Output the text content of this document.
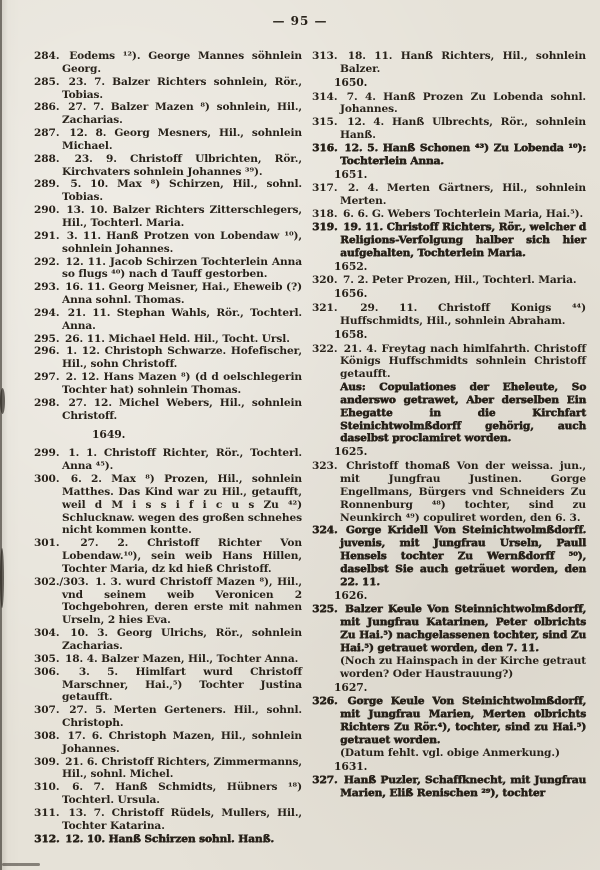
— 95 —
284. Eodems ¹²). George Mannes söhnlein Georg.
285. 23. 7. Balzer Richters sohnlein, Rör., Tobias.
286. 27. 7. Balzer Mazen ⁸) sohnlein, Hil., Zacharias.
287. 12. 8. Georg Mesners, Hil., sohnlein Michael.
288. 23. 9. Christoff Ulbrichten, Rör., Kirchvaters sohnlein Johannes ³⁹).
289. 5. 10. Max ⁸) Schirzen, Hil., sohnl. Tobias.
290. 13. 10. Balzer Richters Zitterschlegers, Hil., Tochterl. Maria.
291. 3. 11. Hanß Protzen von Lobendaw ¹⁰), sohnlein Johannes.
292. 12. 11. Jacob Schirzen Tochterlein Anna so flugs ⁴⁰) nach d Tauff gestorben.
293. 16. 11. Georg Meisner, Hai., Eheweib (?) Anna sohnl. Thomas.
294. 21. 11. Stephan Wahls, Rör., Tochterl. Anna.
295. 26. 11. Michael Held. Hil., Tocht. Ursl.
296. 1. 12. Christoph Schwarze. Hofefischer, Hil., sohn Christoff.
297. 2. 12. Hans Mazen ⁸) (d d oelschlegerin Tochter hat) sohnlein Thomas.
298. 27. 12. Michel Webers, Hil., sohnlein Christoff.
1649.
299. 1. 1. Christoff Richter, Rör., Tochterl. Anna ⁴⁵).
300. 6. 2. Max ⁸) Prozen, Hil., sohnlein Matthes. Das Kind war zu Hil., getaufft, weil d M i s s i f i c u s Zu ⁴²) Schlucknaw. wegen des großen schnehes nicht kommen kontte.
301. 27. 2. Christoff Richter Von Lobendaw.¹⁰), sein weib Hans Hillen, Tochter Maria, dz kd hieß Christoff.
302./303. 1. 3. wurd Christoff Mazen ⁸), Hil., vnd seinem weib Veronicen 2 Tochgebohren, deren erste mit nahmen Urseln, 2 hies Eva.
304. 10. 3. Georg Ulrichs, Rör., sohnlein Zacharias.
305. 18. 4. Balzer Mazen, Hil., Tochter Anna.
306. 3. 5. Himlfart wurd Christoff Marschner, Hai.,⁵) Tochter Justina getaufft.
307. 27. 5. Merten Gerteners. Hil., sohnl. Christoph.
308. 17. 6. Christoph Mazen, Hil., sohnlein Johannes.
309. 21. 6. Christoff Richters, Zimmermanns, Hil., sohnl. Michel.
310. 6. 7. Hanß Schmidts, Hübners ¹⁸) Tochterl. Ursula.
311. 13. 7. Christoff Rüdels, Mullers, Hil., Tochter Katarina.
312. 12. 10. Hanß Schirzen sohnl. Hanß.
313. 18. 11. Hanß Richters, Hil., sohnlein Balzer.
1650.
314. 7. 4. Hanß Prozen Zu Lobenda sohnl. Johannes.
315. 12. 4. Hanß Ulbrechts, Rör., sohnlein Hanß.
316. 12. 5. Hanß Schonen ⁴³) Zu Lobenda ¹⁰): Tochterlein Anna.
1651.
317. 2. 4. Merten Gärtners, Hil., sohnlein Merten.
318. 6. 6. G. Webers Tochterlein Maria, Hai.⁵).
319. 19. 11. Christoff Richters, Rör., welcher d Religions-Verfolgung halber sich hier aufgehalten, Tochterlein Maria.
1652.
320. 7. 2. Peter Prozen, Hil., Tochterl. Maria.
1656.
321. 29. 11. Christoff Konigs ⁴⁴) Huffschmidts, Hil., sohnlein Abraham.
1658.
322. 21. 4. Freytag nach himlfahrth. Christoff Königs Huffschmidts sohnlein Christoff getaufft.
Aus: Copulationes der Eheleute, So anderswo getrawet, Aber derselben Ein Ehegatte in die Kirchfart Steinichtwolmßdorff gehörig, auch daselbst proclamiret worden.
1625.
323. Christoff thomaß Von der weissa. jun., mit Jungfrau Justinen. Gorge Engellmans, Bürgers vnd Schneiders Zu Ronnenburg ⁴⁸) tochter, sind zu Neunkirch ⁴⁹) copuliret worden, den 6. 3.
324. Gorge Kridell Von Steinichtwolmßdorff. juvenis, mit Jungfrau Urseln, Paull Hensels tochter Zu Wernßdorff ⁵⁰), daselbst Sie auch geträuet worden, den 22. 11.
1626.
325. Balzer Keule Von Steinnichtwolmßdorff, mit Jungfrau Katarinen, Peter olbrichts Zu Hai.⁵) nachgelassenen tochter, sind Zu Hai.⁵) getrauet worden, den 7. 11.
(Noch zu Hainspach in der Kirche getraut worden? Oder Haustrauung?)
1627.
326. Gorge Keule Von Steinichtwolmßdorff, mit Jungfrau Marien, Merten olbrichts Richters Zu Rör.⁴), tochter, sind zu Hai.⁵) getrauet worden.
(Datum fehlt. vgl. obige Anmerkung.)
1631.
327. Hanß Puzler, Schaffknecht, mit Jungfrau Marien, Eliß Renischen ²⁹), tochter
